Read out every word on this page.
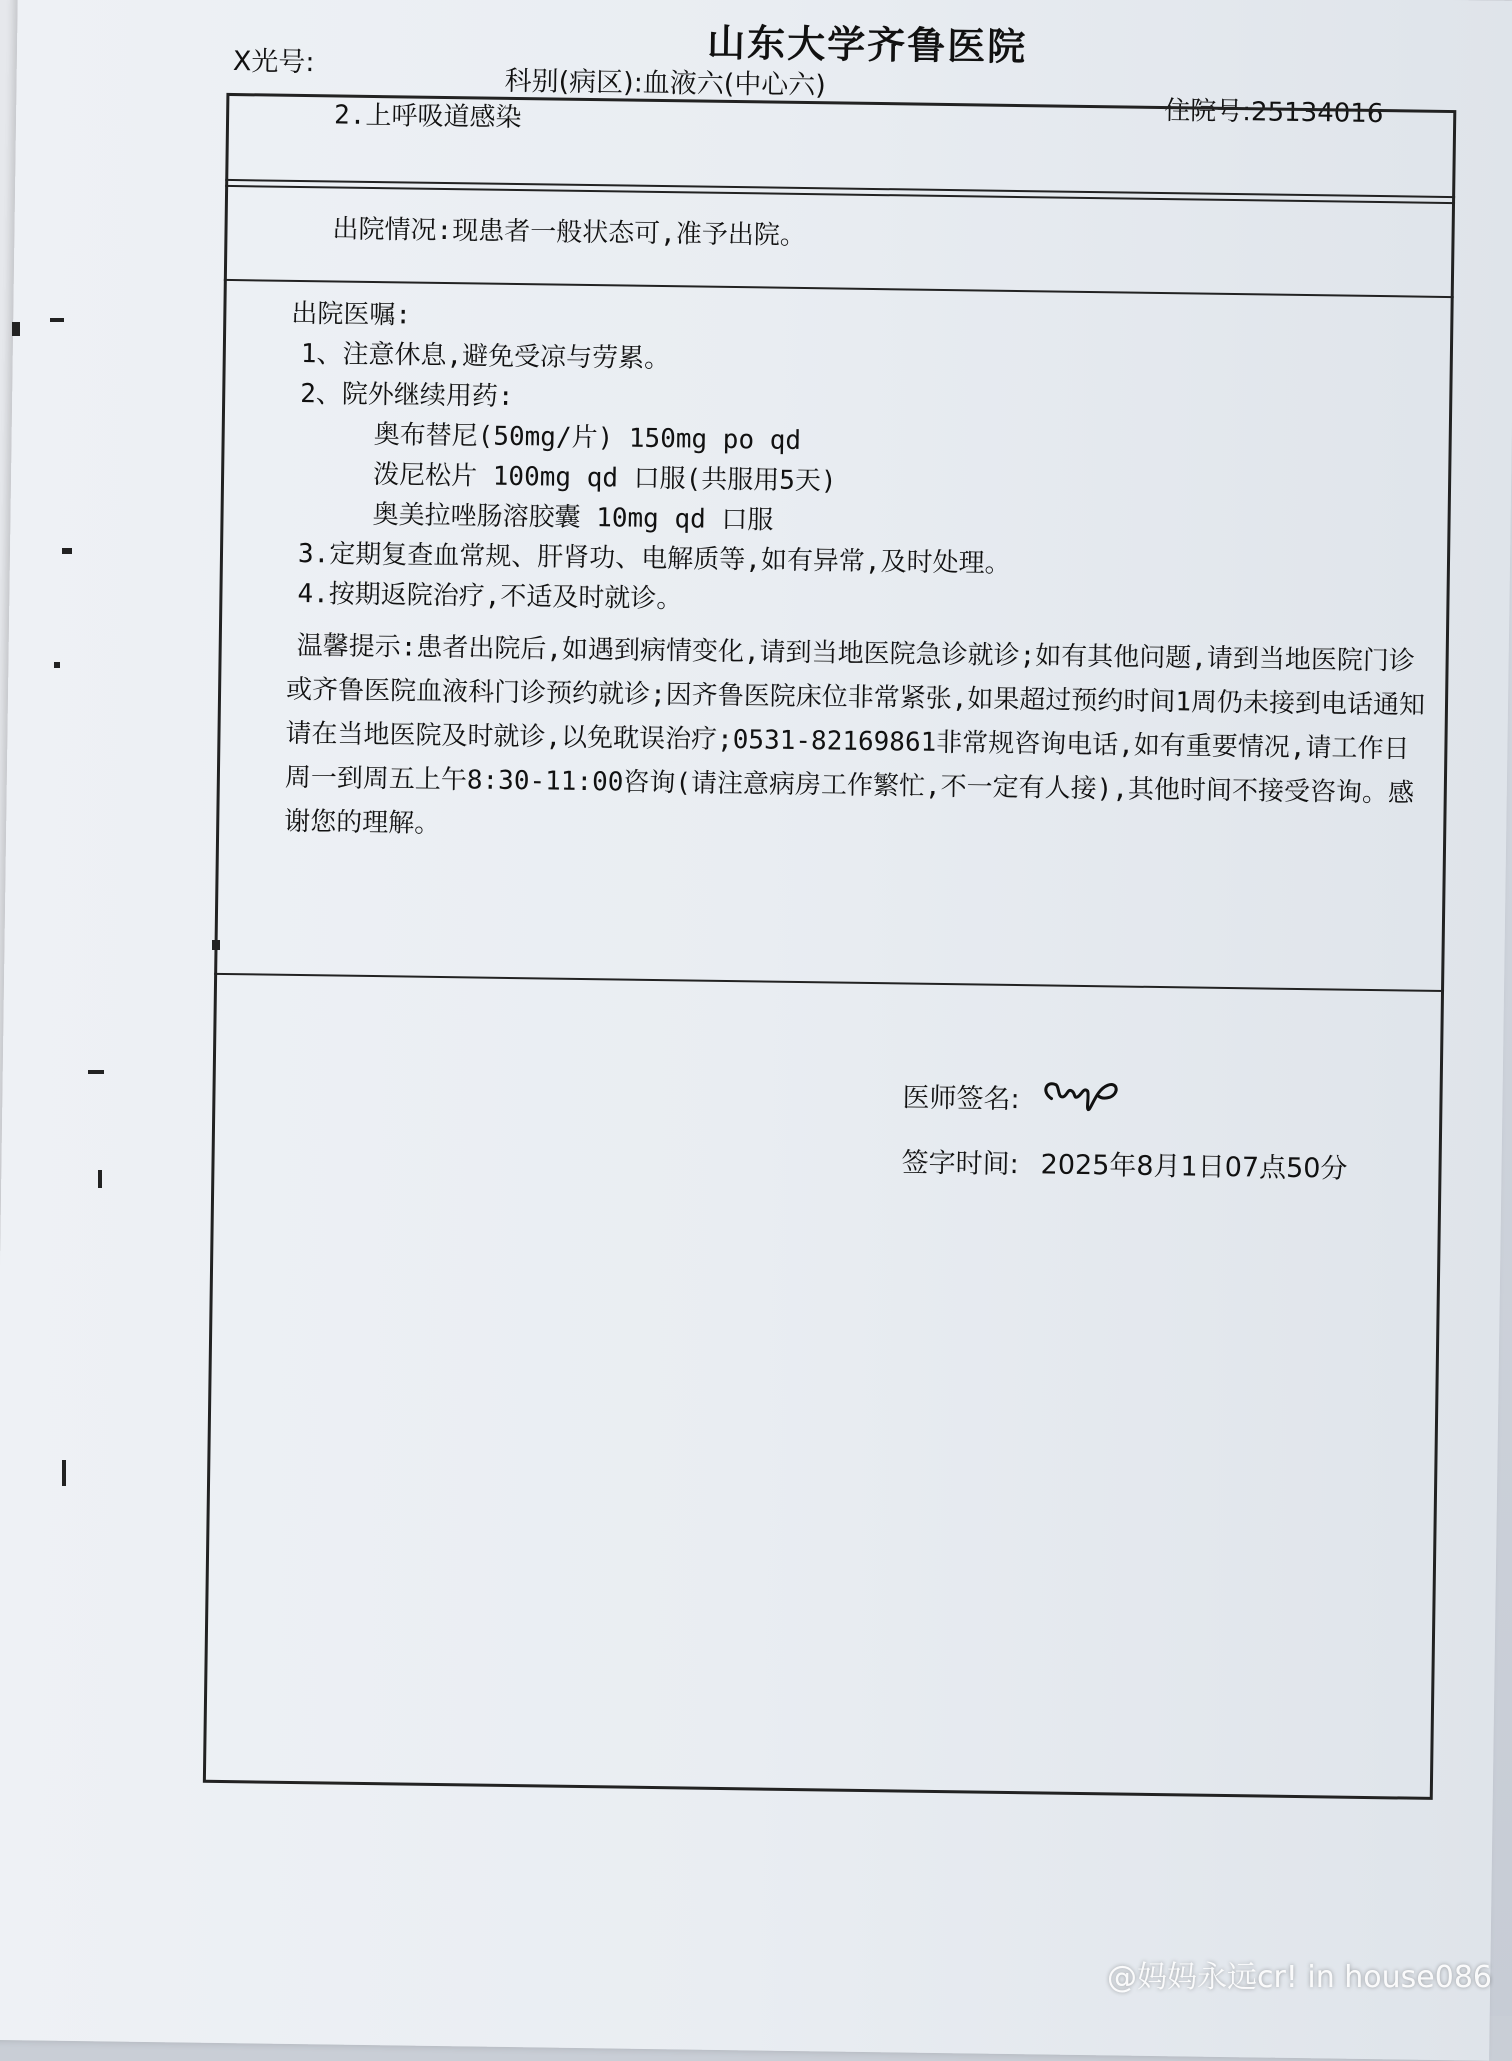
山东大学齐鲁医院
X光号:
科别(病区):血液六(中心六)
住院号:25134016
2.上呼吸道感染
出院情况:现患者一般状态可,准予出院。
出院医嘱:
1、注意休息,避免受凉与劳累。
2、院外继续用药:
奥布替尼(50mg/片) 150mg po qd
泼尼松片 100mg qd 口服(共服用5天)
奥美拉唑肠溶胶囊 10mg qd 口服
3.定期复查血常规、肝肾功、电解质等,如有异常,及时处理。
4.按期返院治疗,不适及时就诊。
温馨提示:患者出院后,如遇到病情变化,请到当地医院急诊就诊;如有其他问题,请到当地医院门诊或齐鲁医院血液科门诊预约就诊;因齐鲁医院床位非常紧张,如果超过预约时间1周仍未接到电话通知请在当地医院及时就诊,以免耽误治疗;0531-82169861非常规咨询电话,如有重要情况,请工作日周一到周五上午8:30-11:00咨询(请注意病房工作繁忙,不一定有人接),其他时间不接受咨询。感谢您的理解。
医师签名:
签字时间: 2025年8月1日07点50分
@妈妈永远cr! in house086
